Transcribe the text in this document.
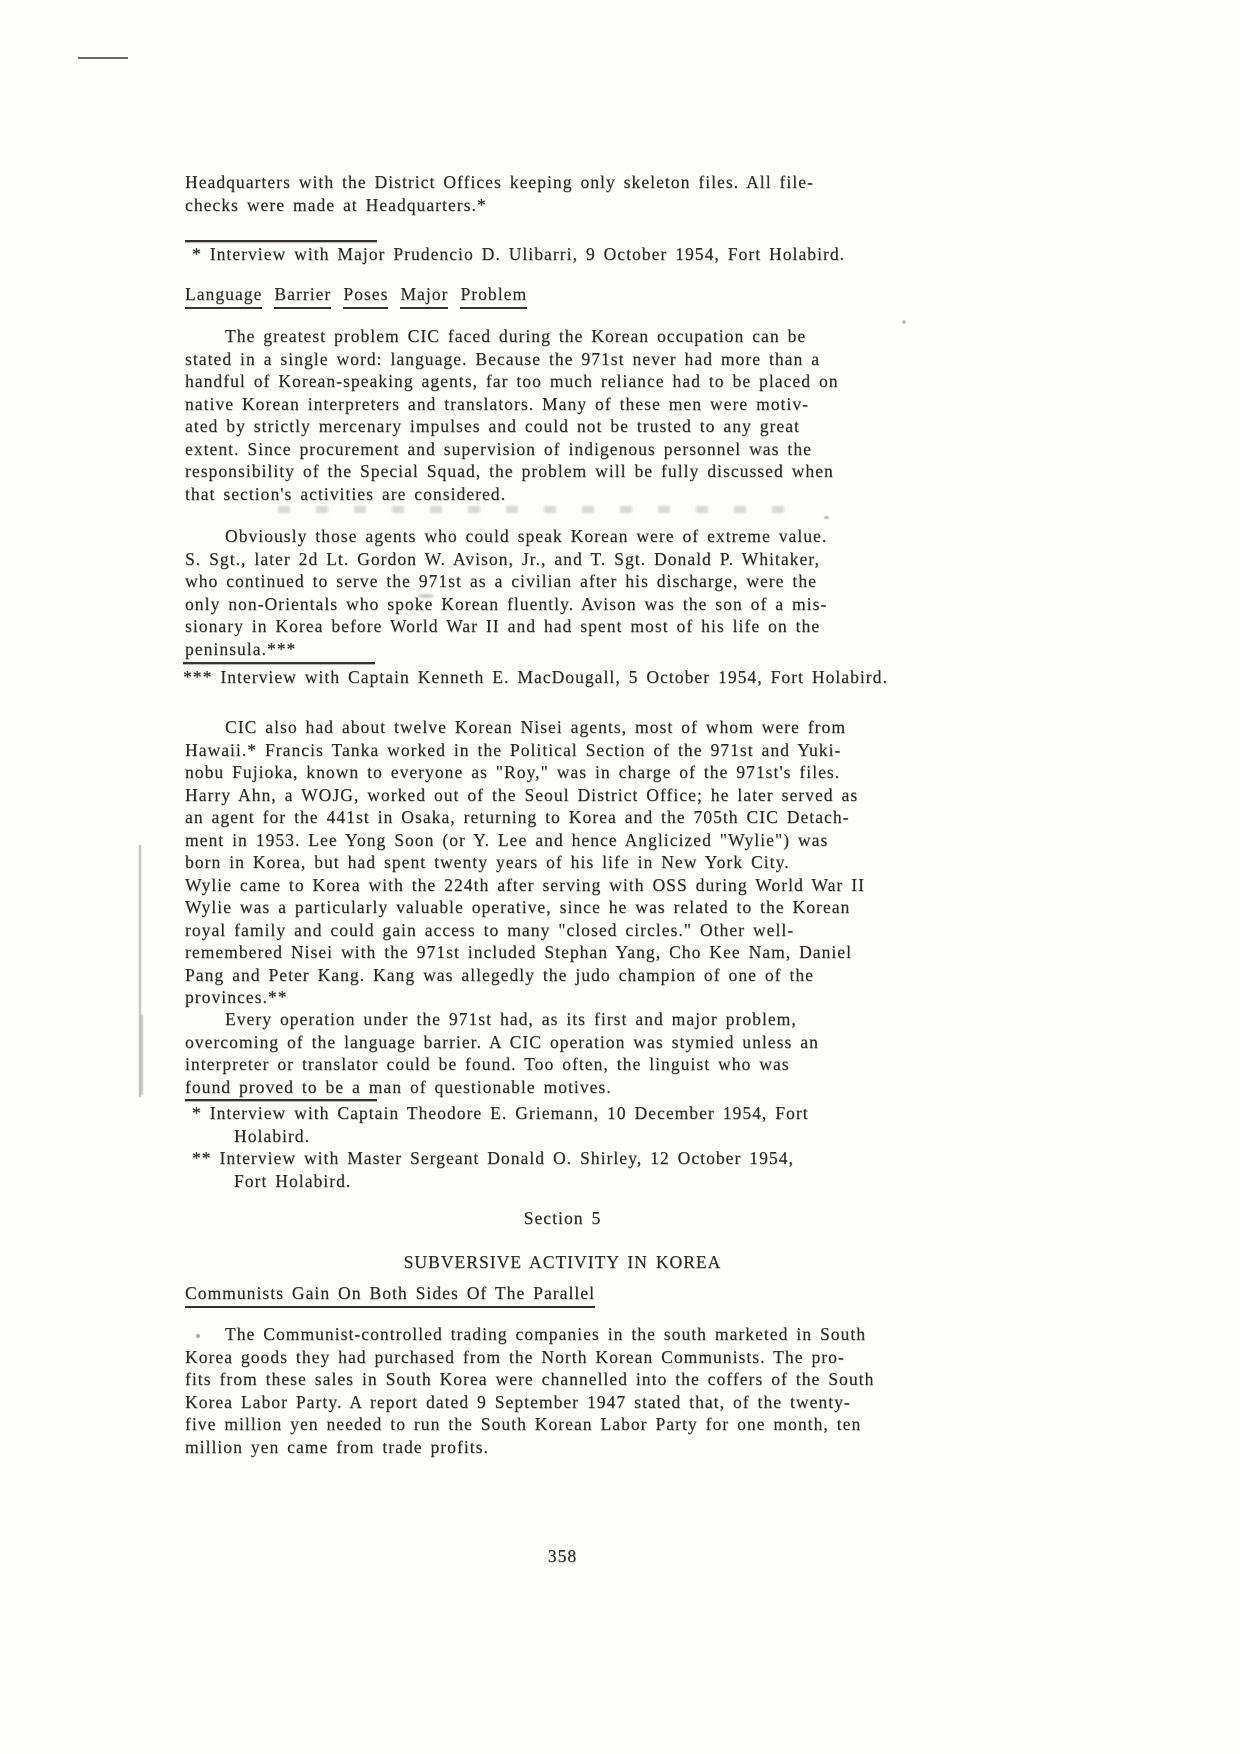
Headquarters with the District Offices keeping only skeleton files. All file-
checks were made at Headquarters.*
* Interview with Major Prudencio D. Ulibarri, 9 October 1954, Fort Holabird.
Language Barrier Poses Major Problem
The greatest problem CIC faced during the Korean occupation can be
stated in a single word: language. Because the 971st never had more than a
handful of Korean-speaking agents, far too much reliance had to be placed on
native Korean interpreters and translators. Many of these men were motiv-
ated by strictly mercenary impulses and could not be trusted to any great
extent. Since procurement and supervision of indigenous personnel was the
responsibility of the Special Squad, the problem will be fully discussed when
that section's activities are considered.
Obviously those agents who could speak Korean were of extreme value.
S. Sgt., later 2d Lt. Gordon W. Avison, Jr., and T. Sgt. Donald P. Whitaker,
who continued to serve the 971st as a civilian after his discharge, were the
only non-Orientals who spoke Korean fluently. Avison was the son of a mis-
sionary in Korea before World War II and had spent most of his life on the
peninsula.***
*** Interview with Captain Kenneth E. MacDougall, 5 October 1954, Fort Holabird.
CIC also had about twelve Korean Nisei agents, most of whom were from
Hawaii.* Francis Tanka worked in the Political Section of the 971st and Yuki-
nobu Fujioka, known to everyone as "Roy," was in charge of the 971st's files.
Harry Ahn, a WOJG, worked out of the Seoul District Office; he later served as
an agent for the 441st in Osaka, returning to Korea and the 705th CIC Detach-
ment in 1953. Lee Yong Soon (or Y. Lee and hence Anglicized "Wylie") was
born in Korea, but had spent twenty years of his life in New York City.
Wylie came to Korea with the 224th after serving with OSS during World War II
Wylie was a particularly valuable operative, since he was related to the Korean
royal family and could gain access to many "closed circles." Other well-
remembered Nisei with the 971st included Stephan Yang, Cho Kee Nam, Daniel
Pang and Peter Kang. Kang was allegedly the judo champion of one of the
provinces.**
Every operation under the 971st had, as its first and major problem,
overcoming of the language barrier. A CIC operation was stymied unless an
interpreter or translator could be found. Too often, the linguist who was
found proved to be a man of questionable motives.
* Interview with Captain Theodore E. Griemann, 10 December 1954, Fort
Holabird.
** Interview with Master Sergeant Donald O. Shirley, 12 October 1954,
Fort Holabird.
Section 5
SUBVERSIVE ACTIVITY IN KOREA
Communists Gain On Both Sides Of The Parallel
The Communist-controlled trading companies in the south marketed in South
Korea goods they had purchased from the North Korean Communists. The pro-
fits from these sales in South Korea were channelled into the coffers of the South
Korea Labor Party. A report dated 9 September 1947 stated that, of the twenty-
five million yen needed to run the South Korean Labor Party for one month, ten
million yen came from trade profits.
358
